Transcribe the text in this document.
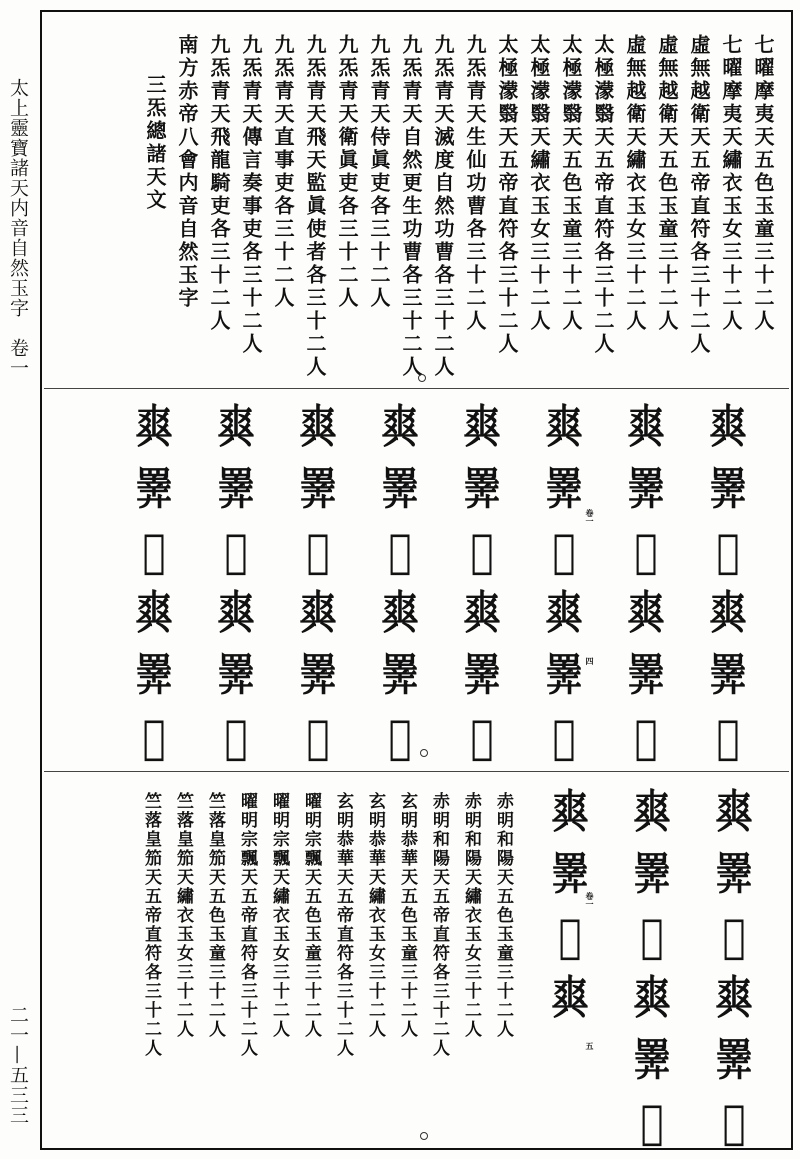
太上靈寶諸天内音自然玉字　卷一
二一—五三三
七曜摩夷天五色玉童三十二人
七曜摩夷天繡衣玉女三十二人
虛無越衛天五帝直符各三十二人
虛無越衛天五色玉童三十二人
虛無越衛天繡衣玉女三十二人
太極濛翳天五帝直符各三十二人
太極濛翳天五色玉童三十二人
太極濛翳天繡衣玉女三十二人
太極濛翳天五帝直符各三十二人
九炁青天生仙功曹各三十二人
九炁青天滅度自然功曹各三十二人
九炁青天自然更生功曹各三十二人
九炁青天侍眞吏各三十二人
九炁青天衛眞吏各三十二人
九炁青天飛天監眞使者各三十二人
九炁青天直事吏各三十二人
九炁青天傳言奏事吏各三十二人
九炁青天飛龍騎吏各三十二人
南方赤帝八會内音自然玉字
三炁總諸天文
𤕤
𢍰
𢧐
𤕤
𢍰
𢧐
𤕤
𢍰
𢧐
𤕤
𢍰
𢧐
𤕤
𢍰
𢧐
𤕤
𢍰
𢧐
𤕤
𢍰
𢧐
𤕤
𢍰
𢧐
𤕤
𢍰
𢧐
𤕤
𢍰
𢧐
𤕤
𢍰
𢧐
𤕤
𢍰
𢧐
𤕤
𢍰
𢧐
𤕤
𢍰
𢧐
𤕤
𢍰
𢧐
𤕤
𢍰
𢧐
卷一
四
𤕤
𢍰
𢧐
𤕤
𢍰
𢧐
𤕤
𢍰
𢧐
𤕤
𢍰
𢧐
𤕤
𢍰
𢧐
𤕤
卷一
五
赤明和陽天五色玉童三十二人
赤明和陽天繡衣玉女三十二人
赤明和陽天五帝直符各三十二人
玄明恭華天五色玉童三十二人
玄明恭華天繡衣玉女三十二人
玄明恭華天五帝直符各三十二人
曜明宗飄天五色玉童三十二人
曜明宗飄天繡衣玉女三十二人
曜明宗飄天五帝直符各三十二人
竺落皇笳天五色玉童三十二人
竺落皇笳天繡衣玉女三十二人
竺落皇笳天五帝直符各三十二人
